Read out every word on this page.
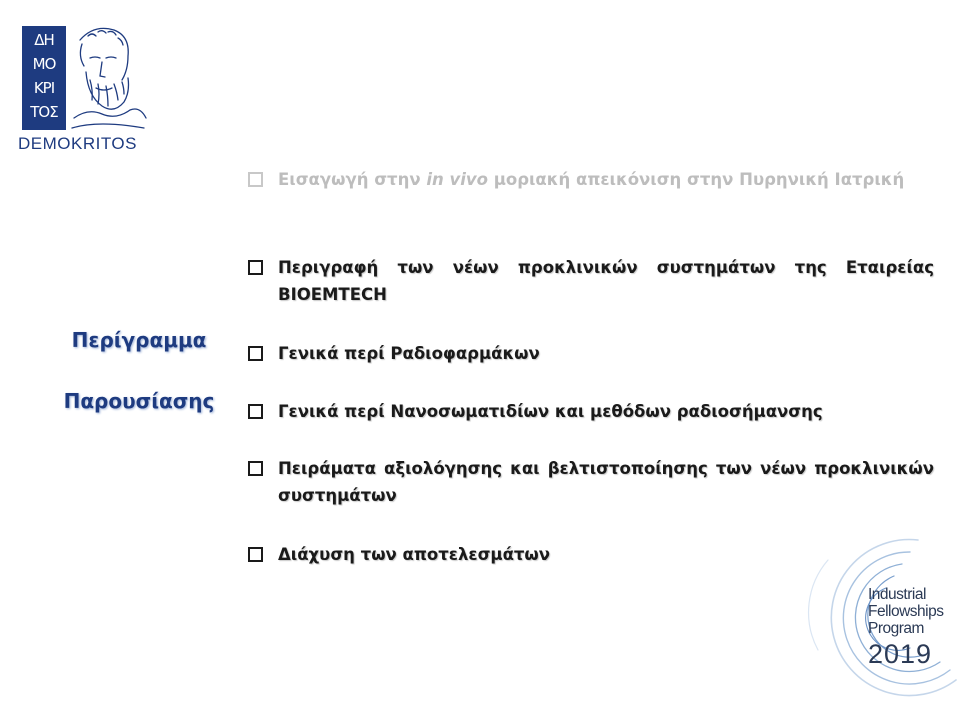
ΔΗ
ΜΟ
ΚΡΙ
ΤΟΣ
DEMOKRITOS
Περίγραμμα
Παρουσίασης
Εισαγωγή στην in vivo μοριακή απεικόνιση στην Πυρηνική Ιατρική
Περιγραφή των νέων προκλινικών συστημάτων της Εταιρείας BIOEMTECH
Γενικά περί Ραδιοφαρμάκων
Γενικά περί Νανοσωματιδίων και μεθόδων ραδιοσήμανσης
Πειράματα αξιολόγησης και βελτιστοποίησης των νέων προκλινικών συστημάτων
Διάχυση των αποτελεσμάτων
Industrial
Fellowships
Program
2019
